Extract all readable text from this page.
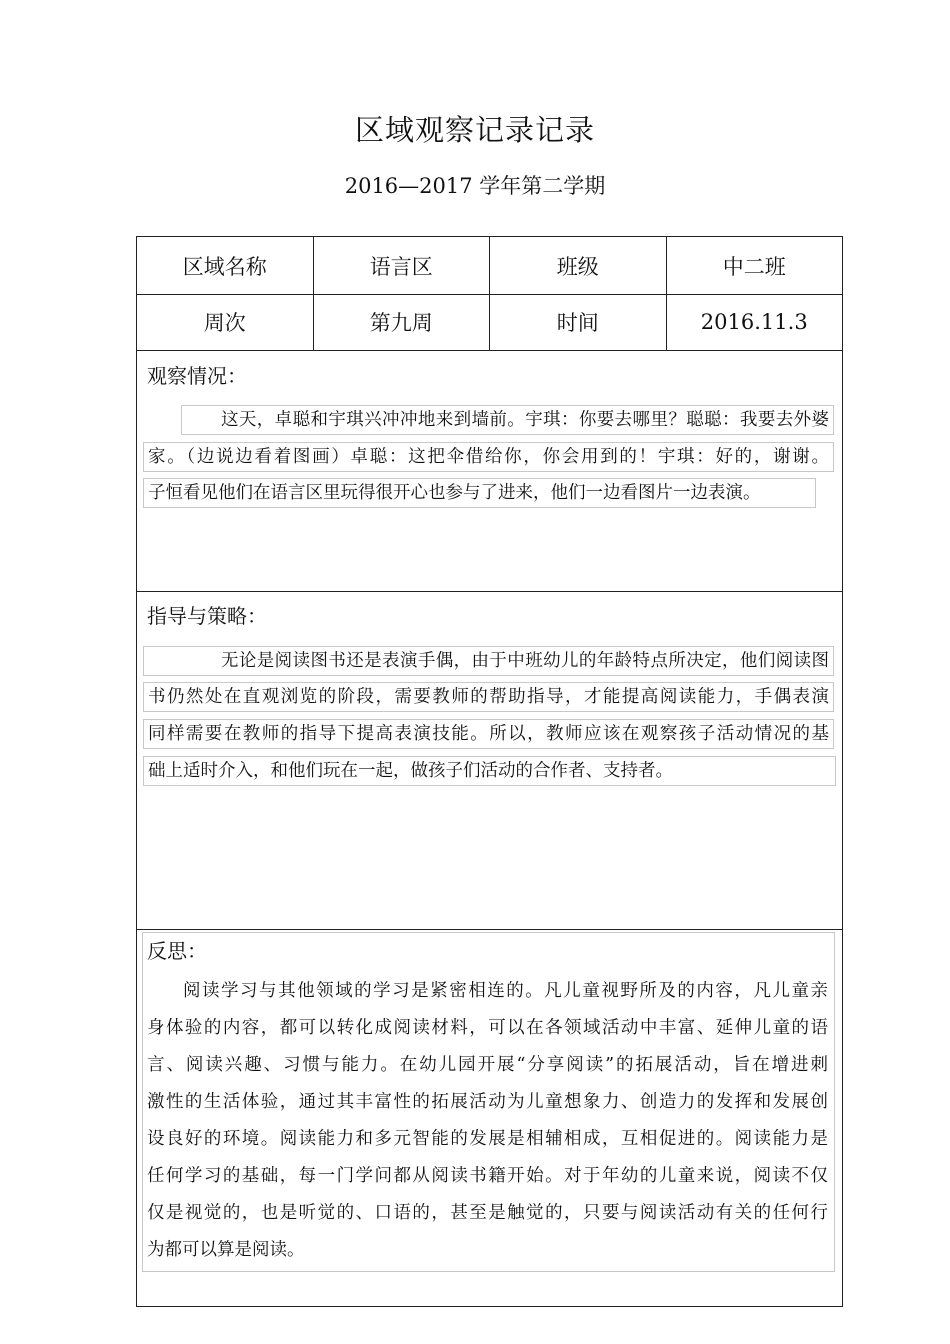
区域观察记录记录
2016—2017 学年第二学期
区域名称	语言区	班级	中二班
周次	第九周	时间	2016.11.3
观察情况：
这天，卓聪和宇琪兴冲冲地来到墙前。宇琪：你要去哪里？聪聪：我要去外婆
家。（边说边看着图画）卓聪：这把伞借给你，你会用到的！宇琪：好的，谢谢。
子恒看见他们在语言区里玩得很开心也参与了进来，他们一边看图片一边表演。
指导与策略：
无论是阅读图书还是表演手偶，由于中班幼儿的年龄特点所决定，他们阅读图
书仍然处在直观浏览的阶段，需要教师的帮助指导，才能提高阅读能力，手偶表演
同样需要在教师的指导下提高表演技能。所以，教师应该在观察孩子活动情况的基
础上适时介入，和他们玩在一起，做孩子们活动的合作者、支持者。
反思：
阅读学习与其他领域的学习是紧密相连的。凡儿童视野所及的内容，凡儿童亲
身体验的内容，都可以转化成阅读材料，可以在各领域活动中丰富、延伸儿童的语
言、阅读兴趣、习惯与能力。在幼儿园开展“分享阅读”的拓展活动，旨在增进刺
激性的生活体验，通过其丰富性的拓展活动为儿童想象力、创造力的发挥和发展创
设良好的环境。阅读能力和多元智能的发展是相辅相成，互相促进的。阅读能力是
任何学习的基础，每一门学问都从阅读书籍开始。对于年幼的儿童来说，阅读不仅
仅是视觉的，也是听觉的、口语的，甚至是触觉的，只要与阅读活动有关的任何行
为都可以算是阅读。
